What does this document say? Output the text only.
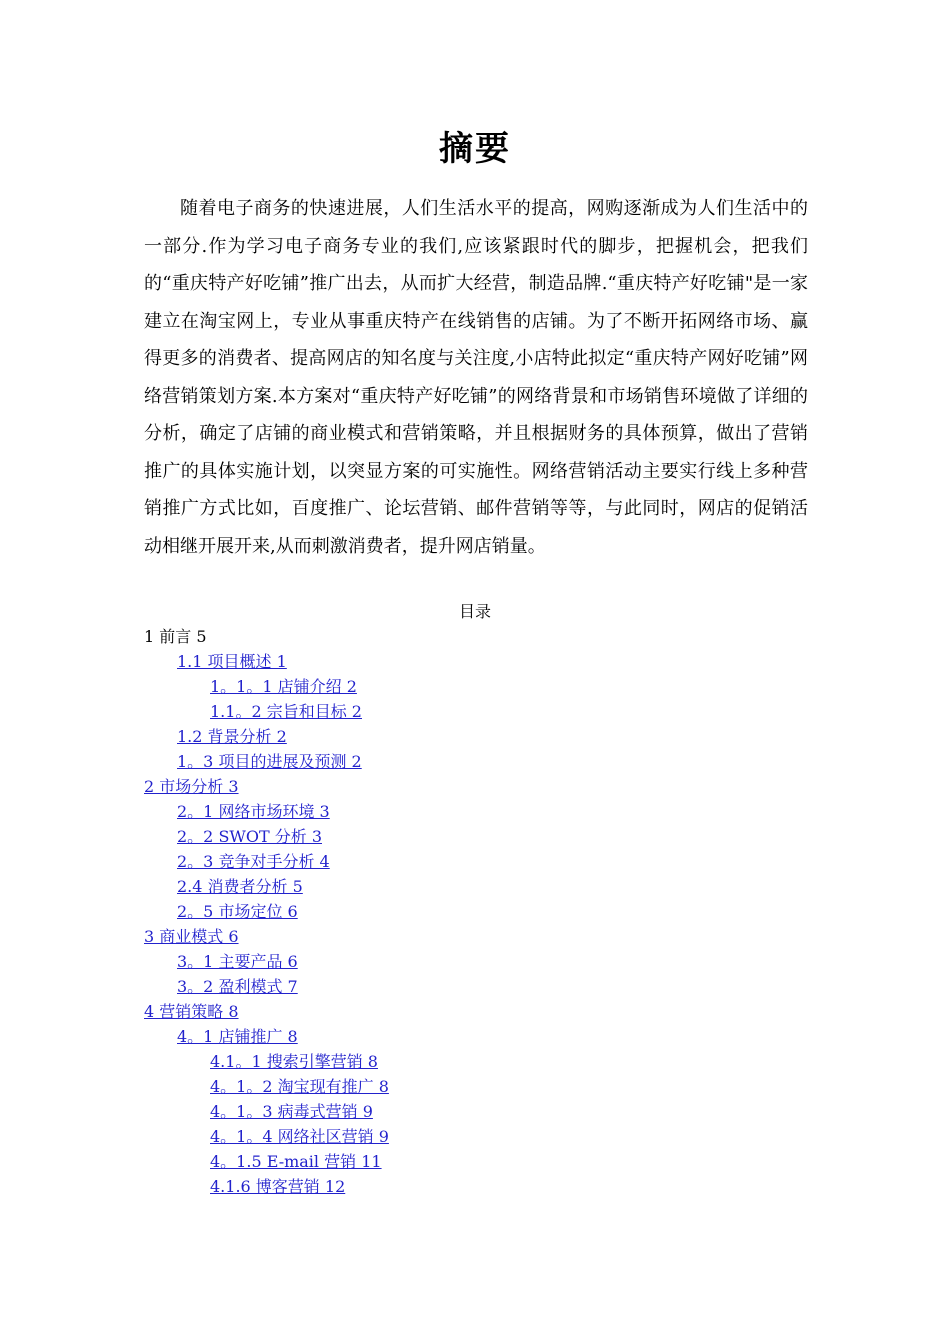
摘要

随着电子商务的快速进展，人们生活水平的提高，网购逐渐成为人们生活中的一部分.作为学习电子商务专业的我们,应该紧跟时代的脚步，把握机会，把我们的“重庆特产好吃铺”推广出去，从而扩大经营，制造品牌.“重庆特产好吃铺"是一家建立在淘宝网上，专业从事重庆特产在线销售的店铺。为了不断开拓网络市场、赢得更多的消费者、提高网店的知名度与关注度,小店特此拟定“重庆特产网好吃铺”网络营销策划方案.本方案对“重庆特产好吃铺”的网络背景和市场销售环境做了详细的分析，确定了店铺的商业模式和营销策略，并且根据财务的具体预算，做出了营销推广的具体实施计划，以突显方案的可实施性。网络营销活动主要实行线上多种营销推广方式比如，百度推广、论坛营销、邮件营销等等，与此同时，网店的促销活动相继开展开来,从而刺激消费者，提升网店销量。

目录
1 前言 5
1.1 项目概述 1
1。1。1 店铺介绍 2
1.1。2 宗旨和目标 2
1.2 背景分析 2
1。3 项目的进展及预测 2
2 市场分析 3
2。1 网络市场环境 3
2。2 SWOT 分析 3
2。3 竞争对手分析 4
2.4 消费者分析 5
2。5 市场定位 6
3 商业模式 6
3。1 主要产品 6
3。2 盈利模式 7
4 营销策略 8
4。1 店铺推广 8
4.1。1 搜索引擎营销 8
4。1。2 淘宝现有推广 8
4。1。3 病毒式营销 9
4。1。4 网络社区营销 9
4。1.5 E-mail 营销 11
4.1.6 博客营销 12
